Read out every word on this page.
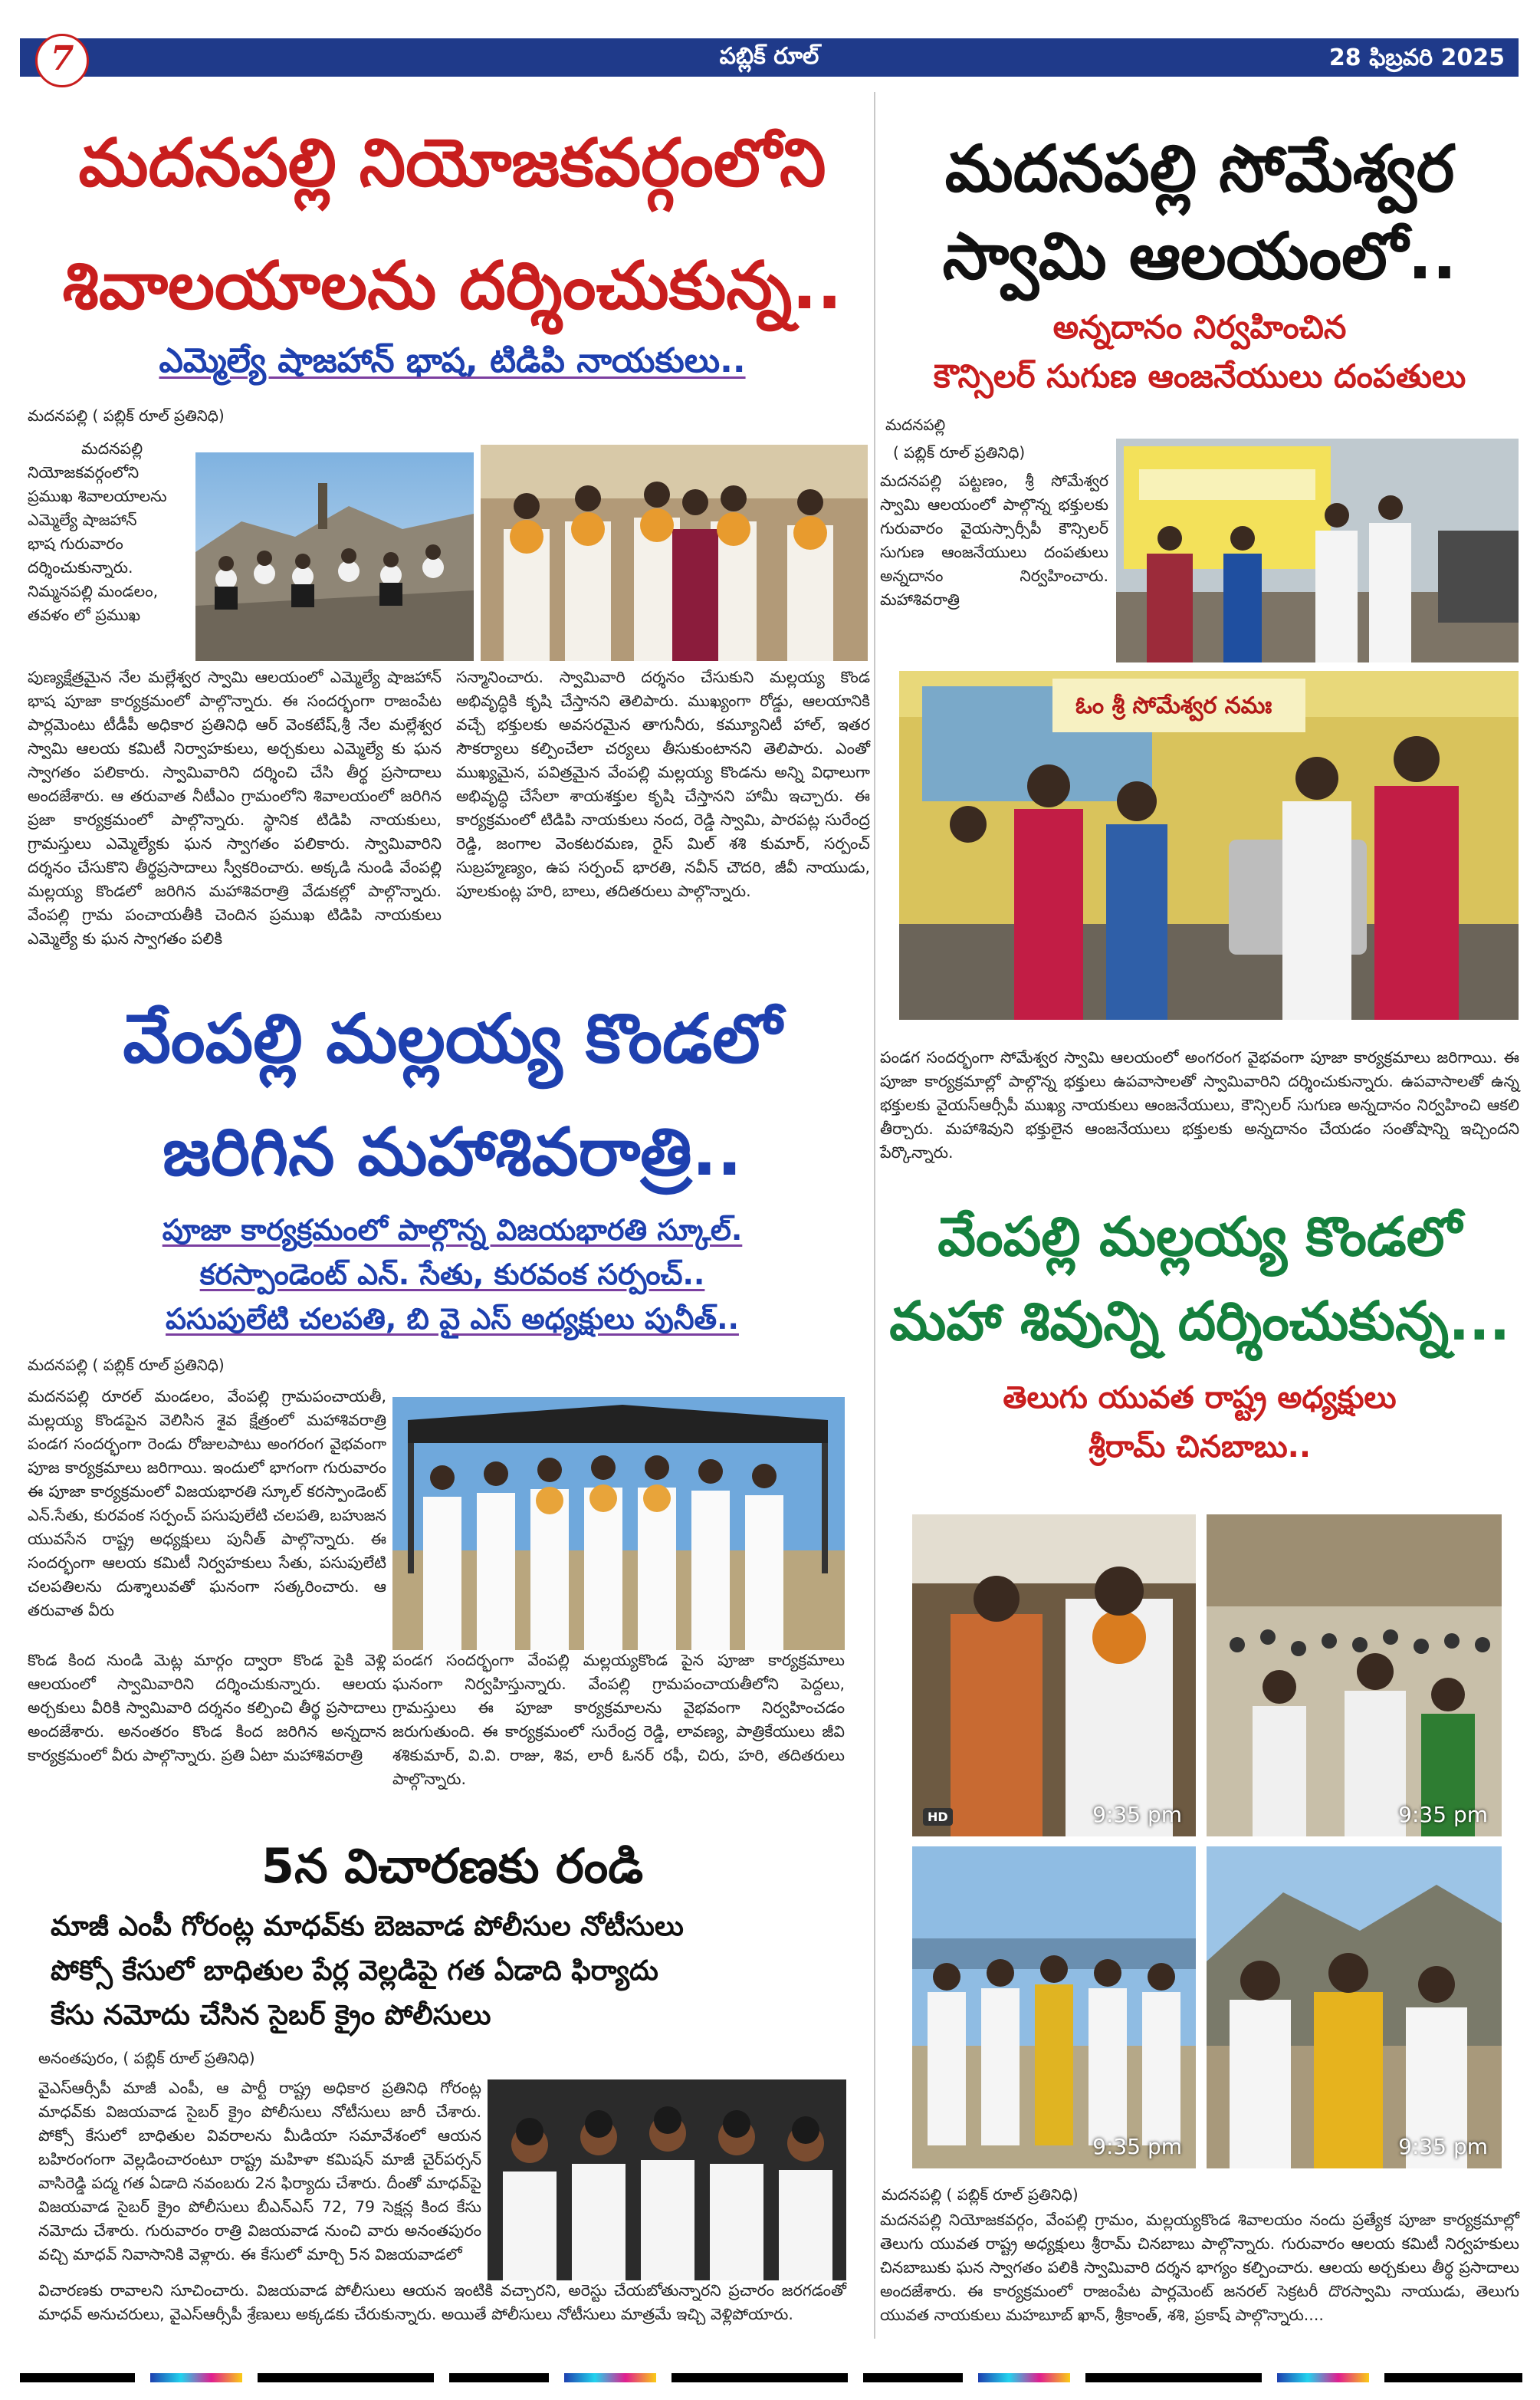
7	పబ్లిక్ రూల్	28 ఫిబ్రవరి 2025
మదనపల్లి నియోజకవర్గంలోని
శివాలయాలను దర్శించుకున్న..
ఎమ్మెల్యే షాజహాన్ భాష, టిడిపి నాయకులు..
మదనపల్లి ( పబ్లిక్ రూల్ ప్రతినిధి)
మదనపల్లి
నియోజకవర్గంలోని
ప్రముఖ శివాలయాలను
ఎమ్మెల్యే షాజహాన్
భాష గురువారం
దర్శించుకున్నారు.
నిమ్మనపల్లి మండలం,
తవళం లో ప్రముఖ
పుణ్యక్షేత్రమైన నేల మల్లేశ్వర స్వామి ఆలయంలో ఎమ్మెల్యే షాజహాన్ భాష పూజా కార్యక్రమంలో పాల్గొన్నారు. ఈ సందర్భంగా రాజంపేట పార్లమెంటు టీడీపీ అధికార ప్రతినిధి ఆర్ వెంకటేష్,శ్రీ నేల మల్లేశ్వర స్వామి ఆలయ కమిటీ నిర్వాహకులు, అర్చకులు ఎమ్మెల్యే కు ఘన స్వాగతం పలికారు. స్వామివారిని దర్శించి చేసి తీర్థ ప్రసాదాలు అందజేశారు. ఆ తరువాత నీటీఎం గ్రామంలోని శివాలయంలో జరిగిన ప్రజా కార్యక్రమంలో పాల్గొన్నారు. స్థానిక టిడిపి నాయకులు, గ్రామస్తులు ఎమ్మెల్యేకు ఘన స్వాగతం పలికారు. స్వామివారిని దర్శనం చేసుకొని తీర్థప్రసాదాలు స్వీకరించారు. అక్కడి నుండి వేంపల్లి మల్లయ్య కొండలో జరిగిన మహాశివరాత్రి వేడుకల్లో పాల్గొన్నారు. వేంపల్లి గ్రామ పంచాయతీకి చెందిన ప్రముఖ టిడిపి నాయకులు ఎమ్మెల్యే కు ఘన స్వాగతం పలికి
సన్మానించారు. స్వామివారి దర్శనం చేసుకుని మల్లయ్య కొండ అభివృద్ధికి కృషి చేస్తానని తెలిపారు. ముఖ్యంగా రోడ్డు, ఆలయానికి వచ్చే భక్తులకు అవసరమైన తాగునీరు, కమ్యూనిటీ హాల్, ఇతర సౌకర్యాలు కల్పించేలా చర్యలు తీసుకుంటానని తెలిపారు. ఎంతో ముఖ్యమైన, పవిత్రమైన వేంపల్లి మల్లయ్య కొండను అన్ని విధాలుగా అభివృద్ధి చేసేలా శాయశక్తుల కృషి చేస్తానని హామీ ఇచ్చారు. ఈ కార్యక్రమంలో టిడిపి నాయకులు నంద, రెడ్డి స్వామి, పారపట్ల సురేంద్ర రెడ్డి, జంగాల వెంకటరమణ, రైస్ మిల్ శశి కుమార్, సర్పంచ్ సుబ్రహ్మణ్యం, ఉప సర్పంచ్ భారతి, నవీన్ చౌదరి, జీవీ నాయుడు, పూలకుంట్ల హరి, బాలు, తదితరులు పాల్గొన్నారు.
వేంపల్లి మల్లయ్య కొండలో
జరిగిన మహాశివరాత్రి..
పూజా కార్యక్రమంలో పాల్గొన్న విజయభారతి స్కూల్.
కరస్పాండెంట్ ఎన్. సేతు, కురవంక సర్పంచ్..
పసుపులేటి చలపతి, బి వై ఎస్ అధ్యక్షులు పునీత్..
మదనపల్లి ( పబ్లిక్ రూల్ ప్రతినిధి)
మదనపల్లి రూరల్ మండలం, వేంపల్లి గ్రామపంచాయతీ, మల్లయ్య కొండపైన వెలిసిన శైవ క్షేత్రంలో మహాశివరాత్రి పండగ సందర్భంగా రెండు రోజులపాటు అంగరంగ వైభవంగా పూజ కార్యక్రమాలు జరిగాయి. ఇందులో భాగంగా గురువారం ఈ పూజా కార్యక్రమంలో విజయభారతి స్కూల్ కరస్పాండెంట్ ఎన్.సేతు, కురవంక సర్పంచ్ పసుపులేటి చలపతి, బహుజన యువసేన రాష్ట్ర అధ్యక్షులు పునీత్ పాల్గొన్నారు. ఈ సందర్భంగా ఆలయ కమిటీ నిర్వహకులు సేతు, పసుపులేటి చలపతిలను దుశ్శాలువతో ఘనంగా సత్కరించారు. ఆ తరువాత వీరు
కొండ కింద నుండి మెట్ల మార్గం ద్వారా కొండ పైకి వెళ్లి ఆలయంలో స్వామివారిని దర్శించుకున్నారు. ఆలయ అర్చకులు వీరికి స్వామివారి దర్శనం కల్పించి తీర్థ ప్రసాదాలు అందజేశారు. అనంతరం కొండ కింద జరిగిన అన్నదాన కార్యక్రమంలో వీరు పాల్గొన్నారు. ప్రతి ఏటా మహాశివరాత్రి
పండగ సందర్భంగా వేంపల్లి మల్లయ్యకొండ పైన పూజా కార్యక్రమాలు ఘనంగా నిర్వహిస్తున్నారు. వేంపల్లి గ్రామపంచాయతీలోని పెద్దలు, గ్రామస్తులు ఈ పూజా కార్యక్రమాలను వైభవంగా నిర్వహించడం జరుగుతుంది. ఈ కార్యక్రమంలో సురేంద్ర రెడ్డి, లావణ్య, పాత్రికేయులు జీవి శశికుమార్, వి.వి. రాజు, శివ, లారీ ఓనర్ రఫీ, చిరు, హరి, తదితరులు పాల్గొన్నారు.
5న విచారణకు రండి
మాజీ ఎంపీ గోరంట్ల మాధవ్‌కు బెజవాడ పోలీసుల నోటీసులు
పోక్సో కేసులో బాధితుల పేర్ల వెల్లడిపై గత ఏడాది ఫిర్యాదు
కేసు నమోదు చేసిన సైబర్ క్రైం పోలీసులు
అనంతపురం, ( పబ్లిక్ రూల్ ప్రతినిధి)
వైఎస్ఆర్సీపీ మాజీ ఎంపీ, ఆ పార్టీ రాష్ట్ర అధికార ప్రతినిధి గోరంట్ల మాధవ్‌కు విజయవాడ సైబర్ క్రైం పోలీసులు నోటీసులు జారీ చేశారు. పోక్సో కేసులో బాధితుల వివరాలను మీడియా సమావేశంలో ఆయన బహిరంగంగా వెల్లడించారంటూ రాష్ట్ర మహిళా కమిషన్ మాజీ చైర్‌పర్సన్ వాసిరెడ్డి పద్మ గత ఏడాది నవంబరు 2న ఫిర్యాదు చేశారు. దీంతో మాధవ్‌పై విజయవాడ సైబర్ క్రైం పోలీసులు బీఎన్ఎస్ 72, 79 సెక్షన్ల కింద కేసు నమోదు చేశారు. గురువారం రాత్రి విజయవాడ నుంచి వారు అనంతపురం వచ్చి మాధవ్ నివాసానికి వెళ్లారు. ఈ కేసులో మార్చి 5న విజయవాడలో
విచారణకు రావాలని సూచించారు. విజయవాడ పోలీసులు ఆయన ఇంటికి వచ్చారని, అరెస్టు చేయబోతున్నారని ప్రచారం జరగడంతో మాధవ్ అనుచరులు, వైఎస్ఆర్సీపీ శ్రేణులు అక్కడకు చేరుకున్నారు. అయితే పోలీసులు నోటీసులు మాత్రమే ఇచ్చి వెళ్లిపోయారు.
మదనపల్లి సోమేశ్వర
స్వామి ఆలయంలో..
అన్నదానం నిర్వహించిన
కౌన్సిలర్ సుగుణ ఆంజనేయులు దంపతులు
మదనపల్లి
( పబ్లిక్ రూల్ ప్రతినిధి)
మదనపల్లి పట్టణం, శ్రీ సోమేశ్వర స్వామి ఆలయంలో పాల్గొన్న భక్తులకు గురువారం వైయస్సార్సీపీ కౌన్సిలర్ సుగుణ ఆంజనేయులు దంపతులు అన్నదానం నిర్వహించారు. మహాశివరాత్రి
ఓం శ్రీ సోమేశ్వర నమః
పండగ సందర్భంగా సోమేశ్వర స్వామి ఆలయంలో అంగరంగ వైభవంగా పూజా కార్యక్రమాలు జరిగాయి. ఈ పూజా కార్యక్రమాల్లో పాల్గొన్న భక్తులు ఉపవాసాలతో స్వామివారిని దర్శించుకున్నారు. ఉపవాసాలతో ఉన్న భక్తులకు వైయస్ఆర్సీపీ ముఖ్య నాయకులు ఆంజనేయులు, కౌన్సిలర్ సుగుణ అన్నదానం నిర్వహించి ఆకలి తీర్చారు. మహాశివుని భక్తులైన ఆంజనేయులు భక్తులకు అన్నదానం చేయడం సంతోషాన్ని ఇచ్చిందని పేర్కొన్నారు.
వేంపల్లి మల్లయ్య కొండలో
మహా శివున్ని దర్శించుకున్న...
తెలుగు యువత రాష్ట్ర అధ్యక్షులు
శ్రీరామ్ చినబాబు..
HD	9:35 pm	9:35 pm
9:35 pm	9:35 pm
మదనపల్లి ( పబ్లిక్ రూల్ ప్రతినిధి)
మదనపల్లి నియోజకవర్గం, వేంపల్లి గ్రామం, మల్లయ్యకొండ శివాలయం నందు ప్రత్యేక పూజా కార్యక్రమాల్లో తెలుగు యువత రాష్ట్ర అధ్యక్షులు శ్రీరామ్ చినబాబు పాల్గొన్నారు. గురువారం ఆలయ కమిటీ నిర్వహకులు చినబాబుకు ఘన స్వాగతం పలికి స్వామివారి దర్శన భాగ్యం కల్పించారు. ఆలయ అర్చకులు తీర్థ ప్రసాదాలు అందజేశారు. ఈ కార్యక్రమంలో రాజంపేట పార్లమెంట్ జనరల్ సెక్రటరీ దొరస్వామి నాయుడు, తెలుగు యువత నాయకులు మహబూబ్ ఖాన్, శ్రీకాంత్, శశి, ప్రకాష్ పాల్గొన్నారు....
